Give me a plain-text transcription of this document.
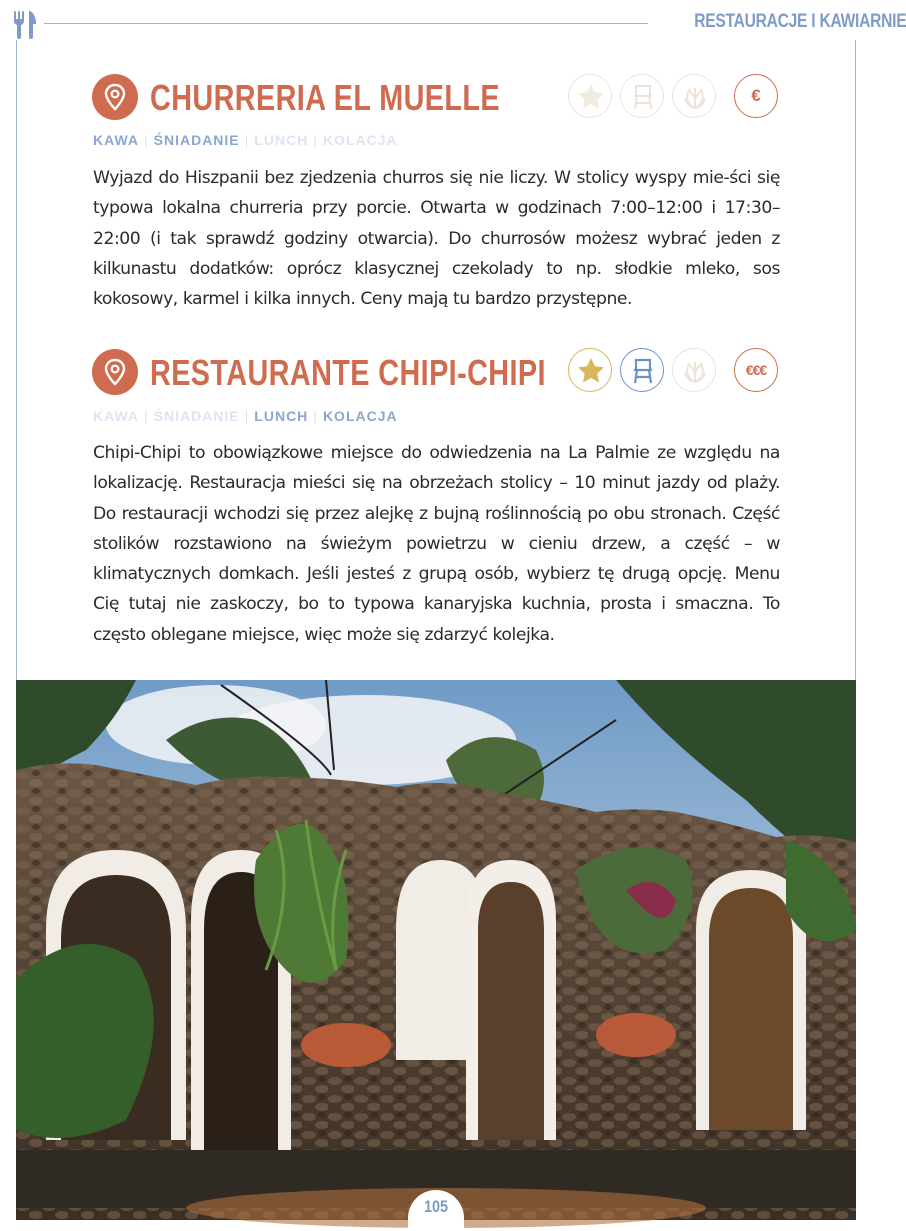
RESTAURACJE I KAWIARNIE
CHURRERIA EL MUELLE	€
KAWA | ŚNIADANIE | LUNCH | KOLACJA

Wyjazd do Hiszpanii bez zjedzenia churros się nie liczy. W stolicy wyspy mie-ści się typowa lokalna churreria przy porcie. Otwarta w godzinach 7:00–12:00 i 17:30–22:00 (i tak sprawdź godziny otwarcia). Do churrosów możesz wybrać jeden z kilkunastu dodatków: oprócz klasycznej czekolady to np. słodkie mleko, sos kokosowy, karmel i kilka innych. Ceny mają tu bardzo przystępne.

RESTAURANTE CHIPI-CHIPI	€€€
KAWA | ŚNIADANIE | LUNCH | KOLACJA

Chipi-Chipi to obowiązkowe miejsce do odwiedzenia na La Palmie ze względu na lokalizację. Restauracja mieści się na obrzeżach stolicy – 10 minut jazdy od plaży. Do restauracji wchodzi się przez alejkę z bujną roślinnością po obu stronach. Część stolików rozstawiono na świeżym powietrzu w cieniu drzew, a część – w klimatycznych domkach. Jeśli jesteś z grupą osób, wybierz tę drugą opcję. Menu Cię tutaj nie zaskoczy, bo to typowa kanaryjska kuchnia, prosta i smaczna. To często oblegane miejsce, więc może się zdarzyć kolejka.

105
